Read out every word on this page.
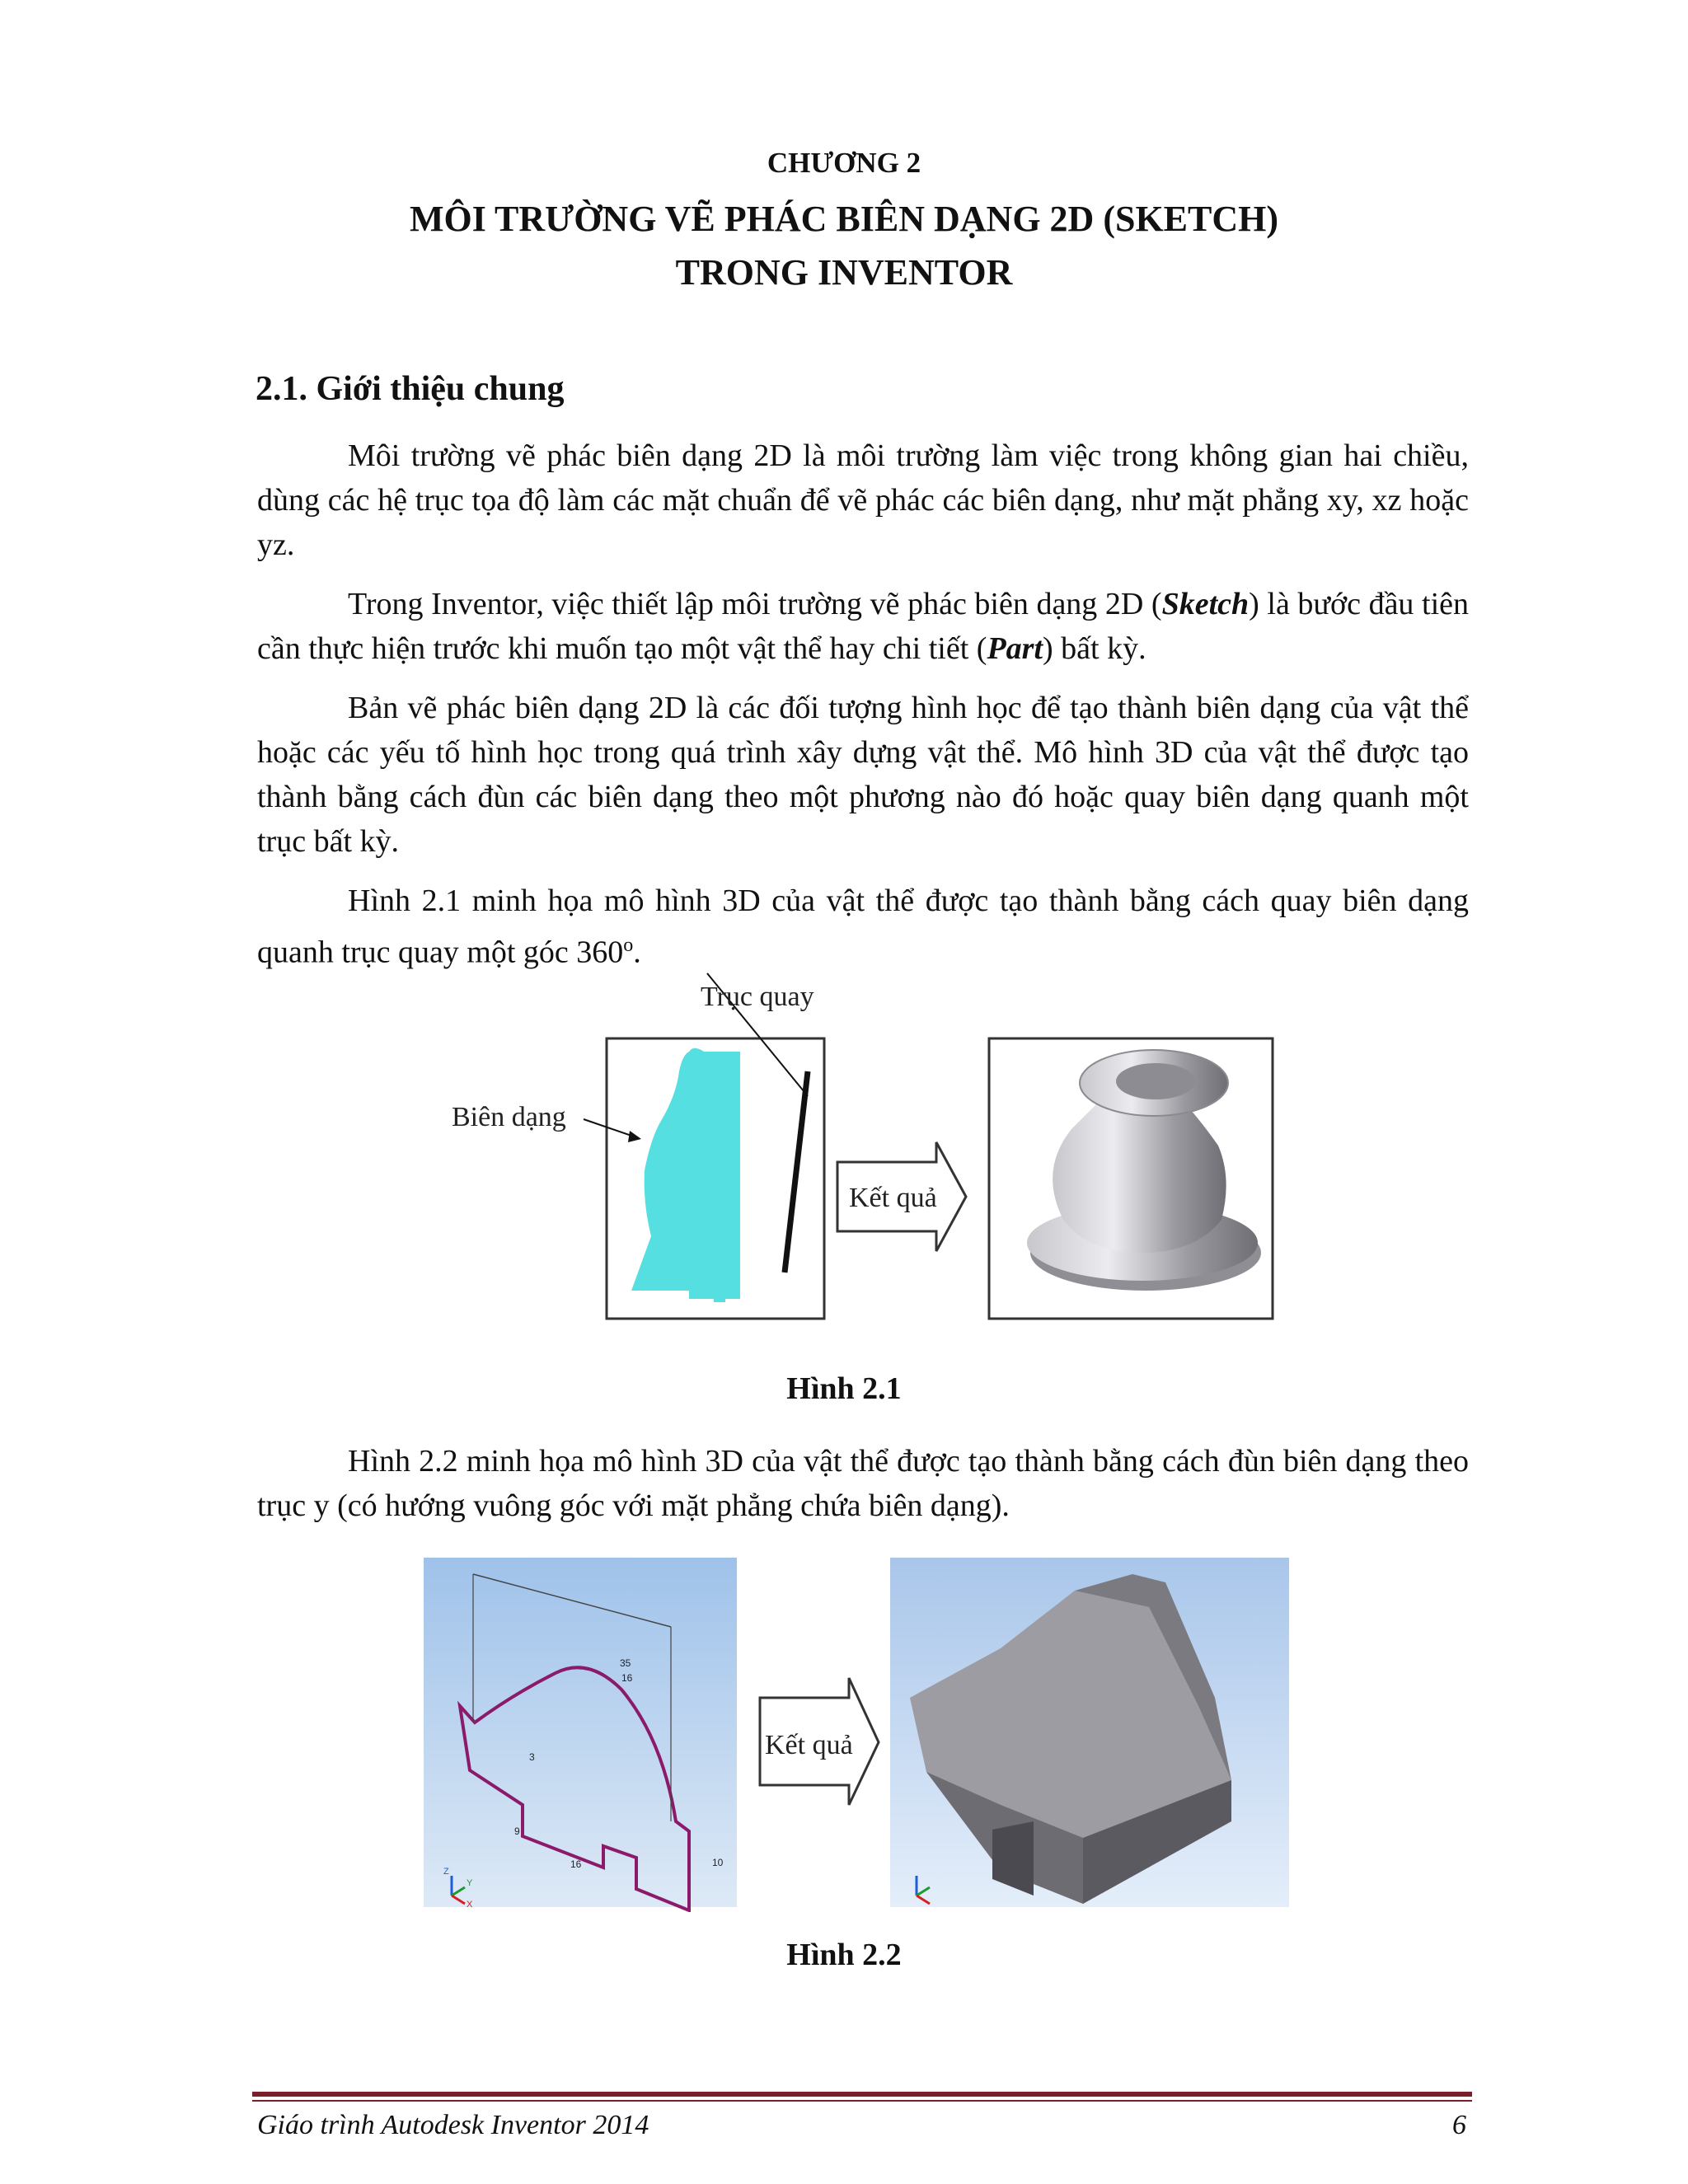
CHƯƠNG 2
MÔI TRƯỜNG VẼ PHÁC BIÊN DẠNG 2D (SKETCH)
TRONG INVENTOR
2.1. Giới thiệu chung

Môi trường vẽ phác biên dạng 2D là môi trường làm việc trong không gian hai chiều, dùng các hệ trục tọa độ làm các mặt chuẩn để vẽ phác các biên dạng, như mặt phẳng xy, xz hoặc yz.

Trong Inventor, việc thiết lập môi trường vẽ phác biên dạng 2D (Sketch) là bước đầu tiên cần thực hiện trước khi muốn tạo một vật thể hay chi tiết (Part) bất kỳ.

Bản vẽ phác biên dạng 2D là các đối tượng hình học để tạo thành biên dạng của vật thể hoặc các yếu tố hình học trong quá trình xây dựng vật thể. Mô hình 3D của vật thể được tạo thành bằng cách đùn các biên dạng theo một phương nào đó hoặc quay biên dạng quanh một trục bất kỳ.

Hình 2.1 minh họa mô hình 3D của vật thể được tạo thành bằng cách quay biên dạng quanh trục quay một góc 360$^o$.

Trục quay
Biên dạng
Kết quả
Hình 2.1

Hình 2.2 minh họa mô hình 3D của vật thể được tạo thành bằng cách đùn biên dạng theo trục y (có hướng vuông góc với mặt phẳng chứa biên dạng).

35
16
3
9
16	10
Z
Y
X
Kết quả
Hình 2.2
Giáo trình Autodesk Inventor 2014	6
